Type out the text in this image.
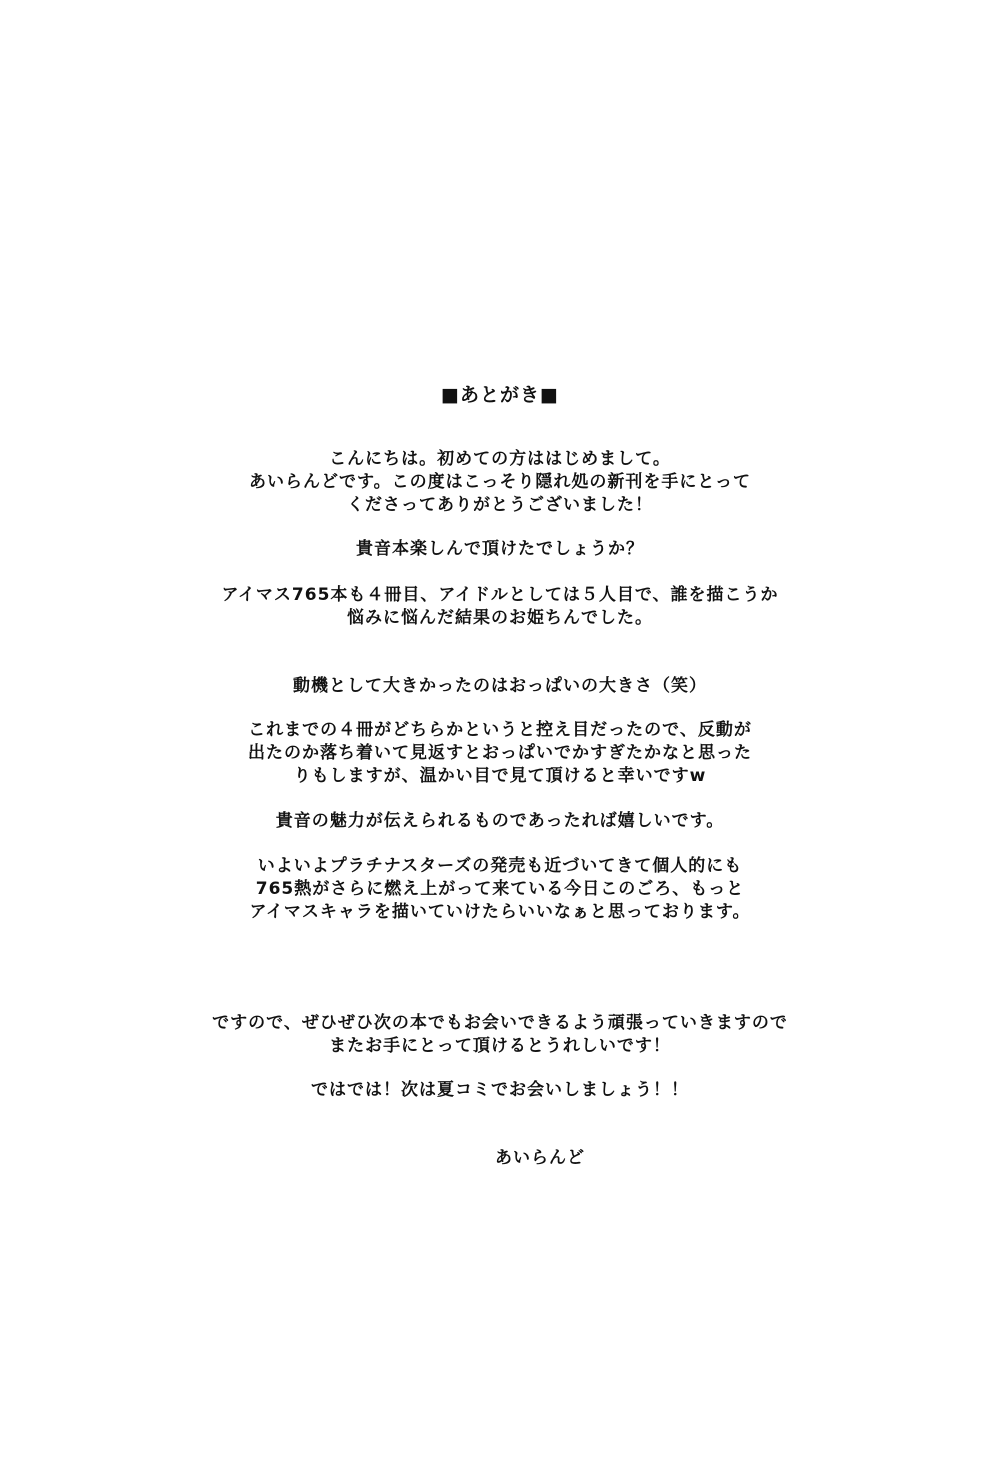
■あとがき■
こんにちは。初めての方ははじめまして。
あいらんどです。この度はこっそり隠れ処の新刊を手にとって
くださってありがとうございました！
貴音本楽しんで頂けたでしょうか？
アイマス765本も４冊目、アイドルとしては５人目で、誰を描こうか
悩みに悩んだ結果のお姫ちんでした。
動機として大きかったのはおっぱいの大きさ（笑）
これまでの４冊がどちらかというと控え目だったので、反動が
出たのか落ち着いて見返すとおっぱいでかすぎたかなと思った
りもしますが、温かい目で見て頂けると幸いですw
貴音の魅力が伝えられるものであったれば嬉しいです。
いよいよプラチナスターズの発売も近づいてきて個人的にも
765熱がさらに燃え上がって来ている今日このごろ、もっと
アイマスキャラを描いていけたらいいなぁと思っております。
ですので、ぜひぜひ次の本でもお会いできるよう頑張っていきますので
またお手にとって頂けるとうれしいです！
ではでは！次は夏コミでお会いしましょう！！
あいらんど
